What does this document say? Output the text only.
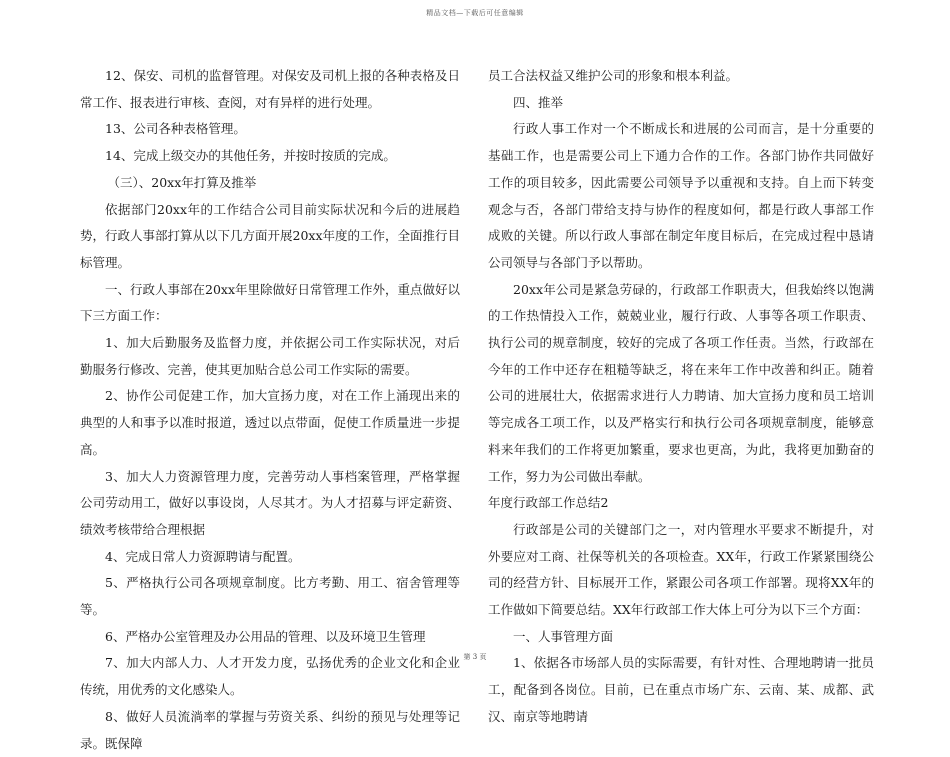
精品文档—下载后可任意编辑

12、保安、司机的监督管理。对保安及司机上报的各种表格及日常工作、报表进行审核、查阅，对有异样的进行处理。

13、公司各种表格管理。

14、完成上级交办的其他任务，并按时按质的完成。

（三）、20xx年打算及推举

依据部门20xx年的工作结合公司目前实际状况和今后的进展趋势，行政人事部打算从以下几方面开展20xx年度的工作，全面推行目标管理。

一、行政人事部在20xx年里除做好日常管理工作外，重点做好以下三方面工作：

1、加大后勤服务及监督力度，并依据公司工作实际状况，对后勤服务行修改、完善，使其更加贴合总公司工作实际的需要。

2、协作公司促建工作，加大宣扬力度，对在工作上涌现出来的典型的人和事予以准时报道，透过以点带面，促使工作质量进一步提高。

3、加大人力资源管理力度，完善劳动人事档案管理，严格掌握公司劳动用工，做好以事设岗，人尽其才。为人才招募与评定薪资、绩效考核带给合理根据

4、完成日常人力资源聘请与配置。

5、严格执行公司各项规章制度。比方考勤、用工、宿舍管理等等。

6、严格办公室管理及办公用品的管理、以及环境卫生管理

7、加大内部人力、人才开发力度，弘扬优秀的企业文化和企业传统，用优秀的文化感染人。

8、做好人员流淌率的掌握与劳资关系、纠纷的预见与处理等记录。既保障

员工合法权益又维护公司的形象和根本利益。

四、推举

行政人事工作对一个不断成长和进展的公司而言，是十分重要的基础工作，也是需要公司上下通力合作的工作。各部门协作共同做好工作的项目较多，因此需要公司领导予以重视和支持。自上而下转变观念与否，各部门带给支持与协作的程度如何，都是行政人事部工作成败的关键。所以行政人事部在制定年度目标后，在完成过程中恳请公司领导与各部门予以帮助。

20xx年公司是紧急劳碌的，行政部工作职责大，但我始终以饱满的工作热情投入工作，兢兢业业，履行行政、人事等各项工作职责、执行公司的规章制度，较好的完成了各项工作任责。当然，行政部在今年的工作中还存在粗糙等缺乏，将在来年工作中改善和纠正。随着公司的进展壮大，依据需求进行人力聘请、加大宣扬力度和员工培训等完成各工项工作，以及严格实行和执行公司各项规章制度，能够意料来年我们的工作将更加繁重，要求也更高，为此，我将更加勤奋的工作，努力为公司做出奉献。

年度行政部工作总结2

行政部是公司的关键部门之一，对内管理水平要求不断提升，对外要应对工商、社保等机关的各项检查。XX年，行政工作紧紧围绕公司的经营方针、目标展开工作，紧跟公司各项工作部署。现将XX年的工作做如下简要总结。XX年行政部工作大体上可分为以下三个方面：

一、人事管理方面

1、依据各市场部人员的实际需要，有针对性、合理地聘请一批员工，配备到各岗位。目前，已在重点市场广东、云南、某、成都、武汉、南京等地聘请

第 3 页
